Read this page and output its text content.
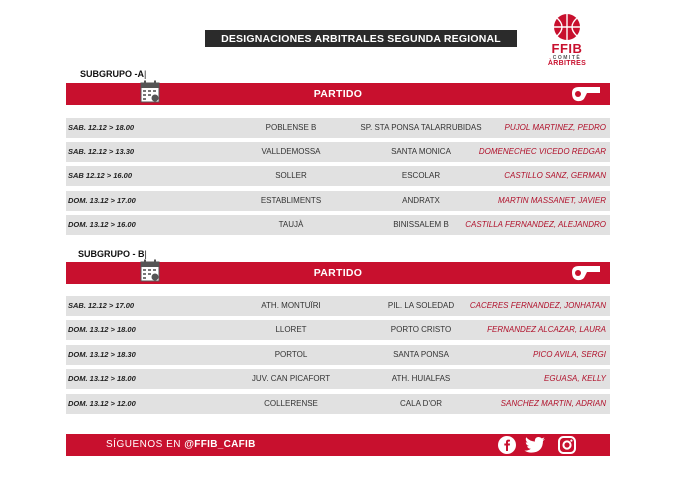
DESIGNACIONES ARBITRALES SEGUNDA REGIONAL
FFIB
COMITÈ
ÀRBITRES
SUBGRUPO -A|
PARTIDO
SAB. 12.12 > 18.00	POBLENSE B	SP. STA PONSA TALARRUBIDAS	PUJOL MARTINEZ, PEDRO
SAB. 12.12 > 13.30	VALLDEMOSSA	SANTA MONICA	DOMENECHEC VICEDO REDGAR
SAB 12.12 > 16.00	SOLLER	ESCOLAR	CASTILLO SANZ, GERMAN
DOM. 13.12 > 17.00	ESTABLIMENTS	ANDRATX	MARTIN MASSANET, JAVIER
DOM. 13.12 > 16.00	TAUJÀ	BINISSALEM B	CASTILLA FERNANDEZ, ALEJANDRO
SUBGRUPO - B|
PARTIDO
SAB. 12.12 > 17.00	ATH. MONTUÏRI	PIL. LA SOLEDAD	CACERES FERNANDEZ, JONHATAN
DOM. 13.12 > 18.00	LLORET	PORTO CRISTO	FERNANDEZ ALCAZAR, LAURA
DOM. 13.12 > 18.30	PORTOL	SANTA PONSA	PICO AVILA, SERGI
DOM. 13.12 > 18.00	JUV. CAN PICAFORT	ATH. HUIALFAS	EGUASA, KELLY
DOM. 13.12 > 12.00	COLLERENSE	CALA D'OR	SANCHEZ MARTIN, ADRIAN
SÍGUENOS EN @FFIB_CAFIB
